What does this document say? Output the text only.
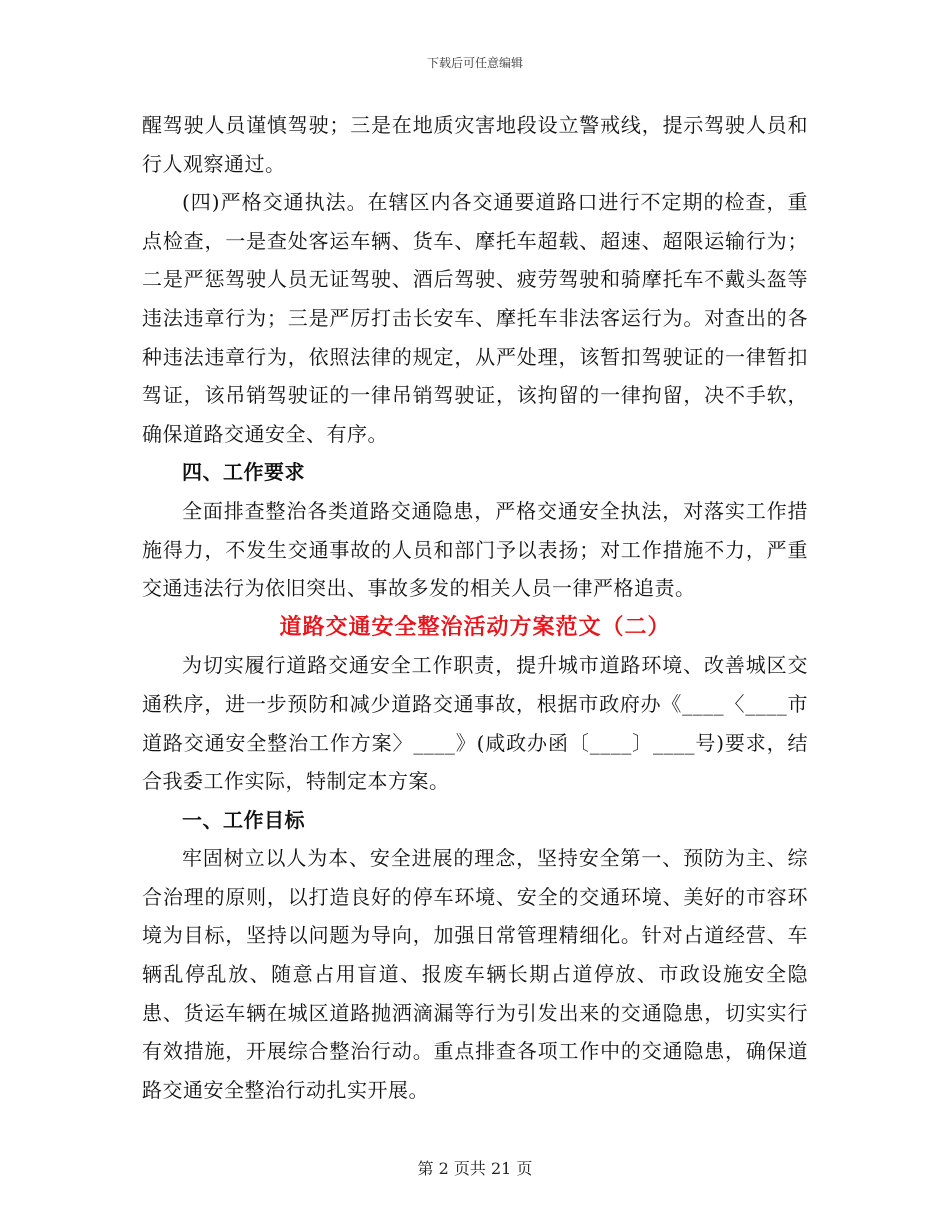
下载后可任意编辑

醒驾驶人员谨慎驾驶；三是在地质灾害地段设立警戒线，提示驾驶人员和行人观察通过。

(四)严格交通执法。在辖区内各交通要道路口进行不定期的检查，重点检查，一是查处客运车辆、货车、摩托车超载、超速、超限运输行为；二是严惩驾驶人员无证驾驶、酒后驾驶、疲劳驾驶和骑摩托车不戴头盔等违法违章行为；三是严厉打击长安车、摩托车非法客运行为。对查出的各种违法违章行为，依照法律的规定，从严处理，该暂扣驾驶证的一律暂扣驾证，该吊销驾驶证的一律吊销驾驶证，该拘留的一律拘留，决不手软，确保道路交通安全、有序。

四、工作要求

全面排查整治各类道路交通隐患，严格交通安全执法，对落实工作措施得力，不发生交通事故的人员和部门予以表扬；对工作措施不力，严重交通违法行为依旧突出、事故多发的相关人员一律严格追责。

道路交通安全整治活动方案范文（二）

为切实履行道路交通安全工作职责，提升城市道路环境、改善城区交通秩序，进一步预防和减少道路交通事故，根据市政府办《____〈____市道路交通安全整治工作方案〉____》(咸政办函〔____〕____号)要求，结合我委工作实际，特制定本方案。

一、工作目标

牢固树立以人为本、安全进展的理念，坚持安全第一、预防为主、综合治理的原则，以打造良好的停车环境、安全的交通环境、美好的市容环境为目标，坚持以问题为导向，加强日常管理精细化。针对占道经营、车辆乱停乱放、随意占用盲道、报废车辆长期占道停放、市政设施安全隐患、货运车辆在城区道路抛洒滴漏等行为引发出来的交通隐患，切实实行有效措施，开展综合整治行动。重点排查各项工作中的交通隐患，确保道路交通安全整治行动扎实开展。

第 2 页共 21 页
